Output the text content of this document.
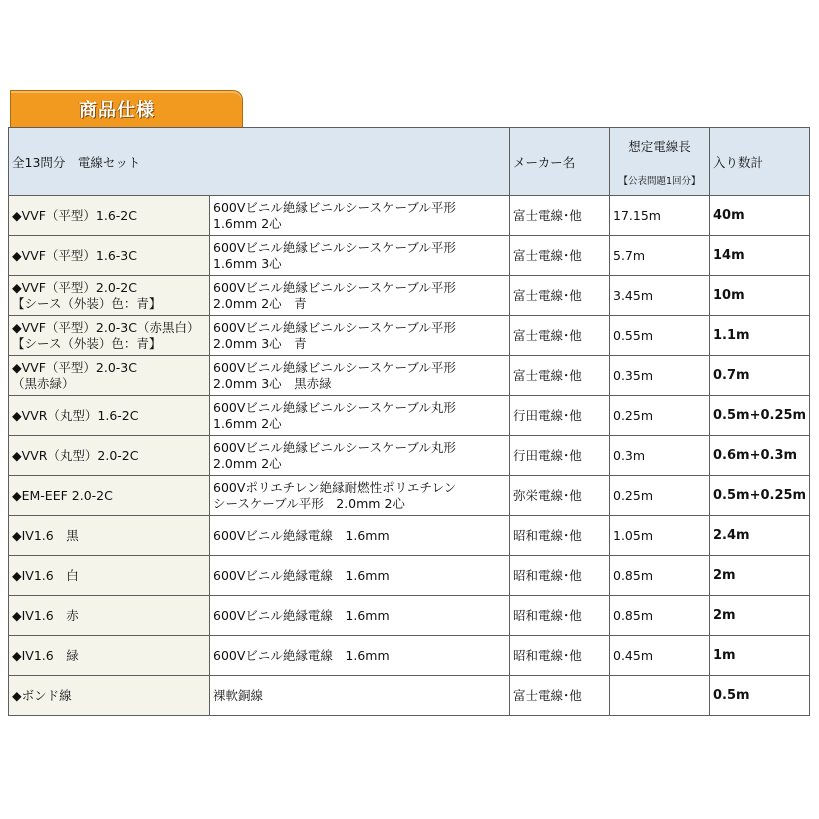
商品仕様
全13問分　電線セット		メーカー名	想定電線長
【公表問題1回分】	入り数計

◆VVF（平型）1.6-2C	600Vビニル絶縁ビニルシースケーブル平形
1.6mm 2心	富士電線･他	17.15m	40m

◆VVF（平型）1.6-3C	600Vビニル絶縁ビニルシースケーブル平形
1.6mm 3心	富士電線･他	5.7m	14m

◆VVF（平型）2.0-2C
【シース（外装）色：青】	600Vビニル絶縁ビニルシースケーブル平形
2.0mm 2心　青	富士電線･他	3.45m	10m

◆VVF（平型）2.0-3C（赤黒白）
【シース（外装）色：青】	600Vビニル絶縁ビニルシースケーブル平形
2.0mm 3心　青	富士電線･他	0.55m	1.1m

◆VVF（平型）2.0-3C
（黒赤緑）	600Vビニル絶縁ビニルシースケーブル平形
2.0mm 3心　黒赤緑	富士電線･他	0.35m	0.7m

◆VVR（丸型）1.6-2C	600Vビニル絶縁ビニルシースケーブル丸形
1.6mm 2心	行田電線･他	0.25m	0.5m+0.25m

◆VVR（丸型）2.0-2C	600Vビニル絶縁ビニルシースケーブル丸形
2.0mm 2心	行田電線･他	0.3m	0.6m+0.3m

◆EM-EEF 2.0-2C	600Vポリエチレン絶縁耐燃性ポリエチレン
シースケーブル平形　2.0mm 2心	弥栄電線･他	0.25m	0.5m+0.25m

◆IV1.6　黒	600Vビニル絶縁電線　1.6mm	昭和電線･他	1.05m	2.4m

◆IV1.6　白	600Vビニル絶縁電線　1.6mm	昭和電線･他	0.85m	2m

◆IV1.6　赤	600Vビニル絶縁電線　1.6mm	昭和電線･他	0.85m	2m

◆IV1.6　緑	600Vビニル絶縁電線　1.6mm	昭和電線･他	0.45m	1m

◆ボンド線	裸軟銅線	富士電線･他		0.5m
